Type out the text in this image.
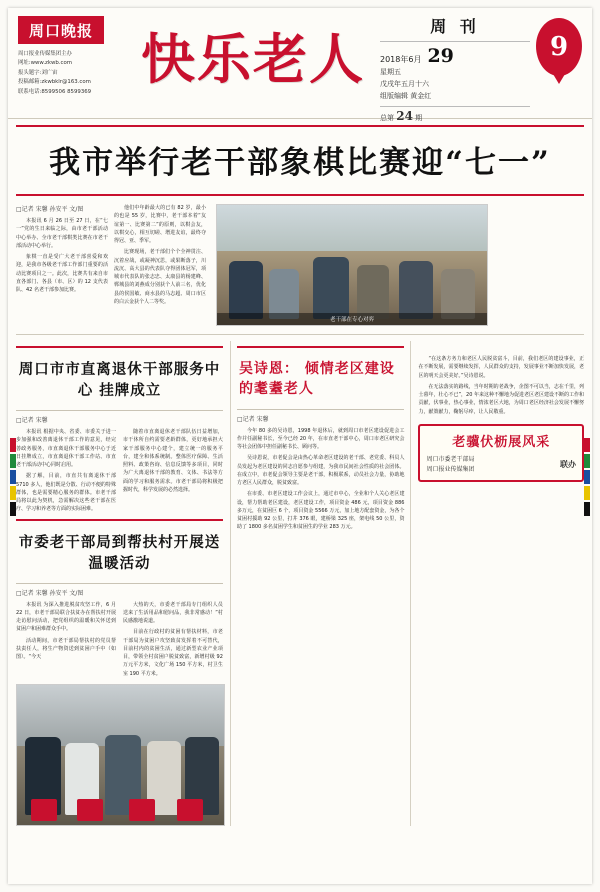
周口晚报
周口报业传媒集团主办
网址:www.zkwb.com
报头题字:刘广宙
投稿邮箱:zkwbklr@163.com
联系电话:8599506 8599369
快乐老人
周 刊
2018年6月 29
星期五
戊戌年五月十六
组版编辑 黄金红
总第 24 期
9
我市举行老干部象棋比赛迎“七一”
□记者 宋馨 孙安平 文/图

本报讯 6 月 26 日至 27 日，在“七一”党的生日来临之际，由市老干部活动中心举办、全市老干部棋类比赛在市老干部活动中心举行。

象棋一直是受广大老干部喜爱和欢迎，是我市各级老干部工作部门重要的活动比赛项目之一。此次，比赛共有来自市直各部门、各县（市、区）的 12 支代表队、42 名老干部参加比赛。

他们中年龄最大的已有 82 岁，最小的也是 55 岁，比赛中，老干部本着“友谊第一、比赛第二”的原则，以棋会友，以棋交心，相互切磋、增进友谊，最终夺得冠、亚、季军。

比赛现场，老干部们个个全神贯注、沉着应战，或凝神沉思，或果断落子，川流沉、高大县的代表队夺得团体冠军，项城市代表队的张志忠、太康县的杨建峰、郸城县的刘燕成分别获个人前三名，优化县的侯国敏、商水县的马志超、周口市区的白云金获个人二等奖。

老干部在专心对弈
周口市市直离退休干部服务中心 挂牌成立
□记者 宋馨

本报讯 根据中央、省委、市委关于进一步加强和改善离退休干部工作的意见，经完善政务服务，市直离退休干部服务中心于近日挂牌成立，市直离退休干部工作站、市直老干部活动中心同时启用。

据了解，目前，市直共有离退休干部 5710 多人，他们既是分散、行动不便的特殊群体，也是需要精心服务的群体。市老干部局将以此为契机，急需解决这些老干部在医疗、学习和养老等方面的实际困难。

随着市直离退休老干部队伍日益增加，市干休所自约需要老龄群体，更好地承担大家干部服务中心建个，建立统一的服务平台，建全和体系统制。整体医疗保障、生活照料、政策咨询、信息反馈等多项目，同时为广大离退休干部的教育、文体、书法等方面的学习和服务需求。市老干部局将积极把握时代，科学发展的必然选择。

市委老干部局到帮扶村开展送温暖活动
□记者 宋馨 孙安平 文/图

本报讯 为深入推进脱贫攻坚工作，6 月 22 日，市老干部局联合扶贫办在帮扶村开展走访慰问活动，把党组织的温暖和关怀送到贫困户和困难群众手中。

活动期间，市老干部局帮扶村的党员帮扶责任人，将生产物资送到贫困户手中（如图）。“今天

大热的天，市委老干部局专门组织人员送来了生活用品和慰问品，我非常感动！”村民感激地说道。

目前在行政村的贫困有帮扶材料，市老干部局为贫困户攻坚致贫发挥着不可替代，目前村内的贫困生活，通过新型农业产业项目，带领全村贫困户脱贫致富，新增村级 92 万元平方米，文化广场 150 平方米，村卫生室 190 平方米。

吴诗恩： 倾情老区建设的耄耋老人
□记者 宋馨

今年 80 多的吴诗恩，1998 年退休后，就到周口市老区建设促进会工作并任副秘书长，至今已经 20 年，在市直老干部中心，周口市老区研究会等社会团体中担任副秘书长、顾问等。

吴诗恩说，市老促会是由热心革命老区建设的老干部、老党委、科员人员发起为老区建设的同志自愿参与组建，为我市民间社会性质的社会团体。在成立中，市老促会领导主要是老干部，积极联系，动员社会力量，协助地方老区人民群众，脱贫致富。

在市委、市老区建设工作会议上，通过市中心，全业和个人关心老区建设，帮力帮助老区建设，老区建设工作，项目资金 486 元，项目资金 886 多万元，在贫困巨 6 个，项目资金 5566 万元，加上地方配套资金，为各个贫困村援助 92 公里，打井 376 眼，建桥梁 325 座，架电线 50 公里，资助了 1800 多名贫困学生和贫困生的学业 283 万元。

“在这条方务力和老区人民脱贫富斗，目前，我们老区的建设事业，正在不断发展，需要继续发挥，人民群众的支持，发展事业不断加快发展，老区的明天会更美好。”吴诗恩说。

在无法落实的路线，当年时期的老战争，企图不可以当，志在千里，列士暮年，壮心不已”，20 年来这种不懈地为促进老区老区建设不断的工作和贡献，伏事业，热心事业，情浓老区大地，为周口老区经济社会发展不懈努力，献策献力，鞠躬尽瘁，让人民敬重。

老骥伏枥展风采
周口市委老干部局
周口报业传媒集团	联办
